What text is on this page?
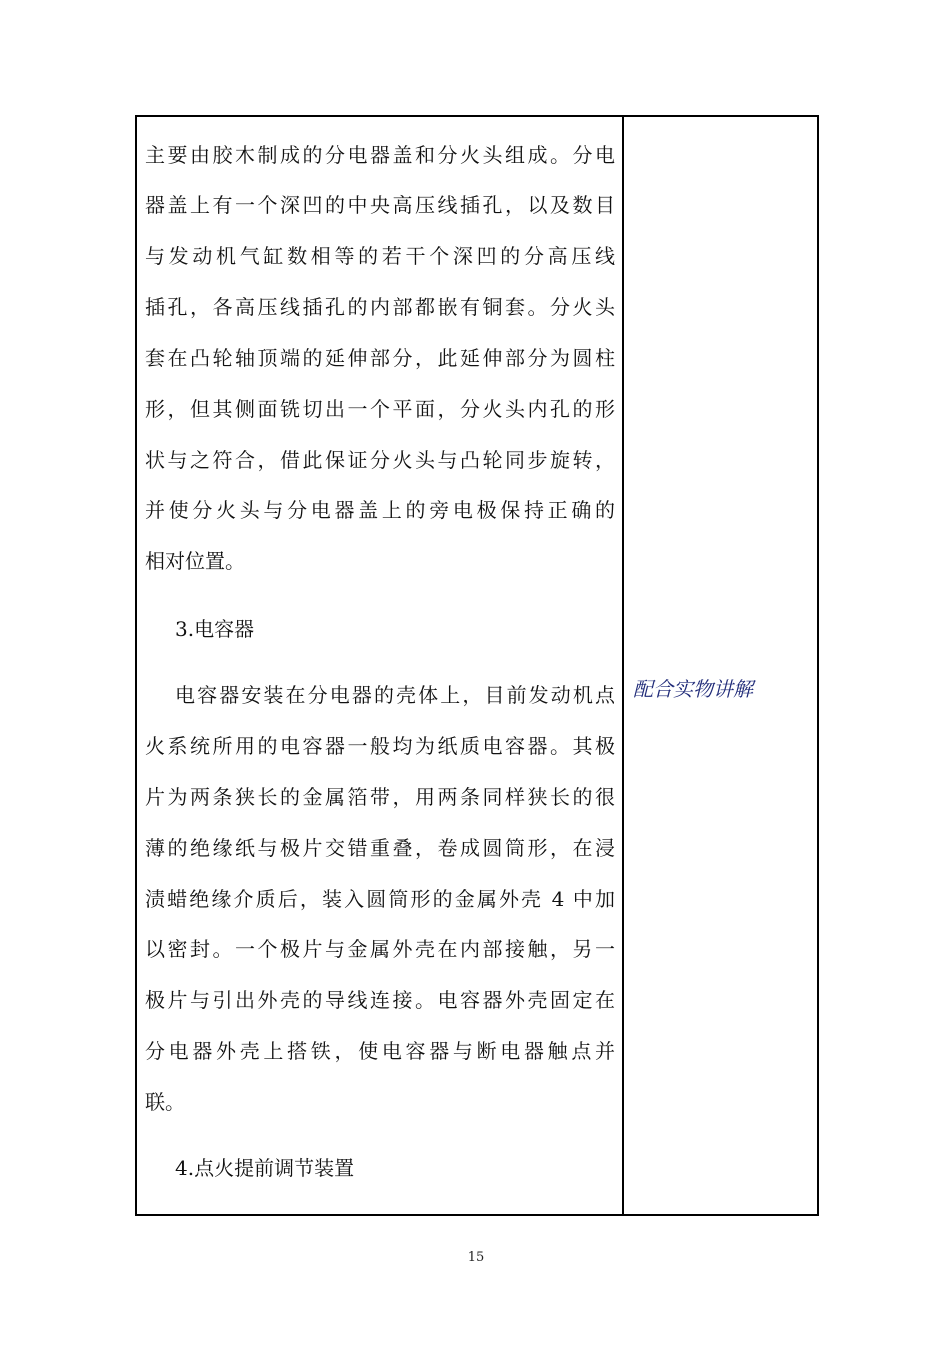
主要由胶木制成的分电器盖和分火头组成。分电
器盖上有一个深凹的中央高压线插孔，以及数目
与发动机气缸数相等的若干个深凹的分高压线
插孔，各高压线插孔的内部都嵌有铜套。分火头
套在凸轮轴顶端的延伸部分，此延伸部分为圆柱
形，但其侧面铣切出一个平面，分火头内孔的形
状与之符合，借此保证分火头与凸轮同步旋转，
并使分火头与分电器盖上的旁电极保持正确的
相对位置。
3.电容器
电容器安装在分电器的壳体上，目前发动机点
火系统所用的电容器一般均为纸质电容器。其极
片为两条狭长的金属箔带，用两条同样狭长的很
薄的绝缘纸与极片交错重叠，卷成圆筒形，在浸
渍蜡绝缘介质后，装入圆筒形的金属外壳 4 中加
以密封。一个极片与金属外壳在内部接触，另一
极片与引出外壳的导线连接。电容器外壳固定在
分电器外壳上搭铁，使电容器与断电器触点并
联。
4.点火提前调节装置
配合实物讲解
15
